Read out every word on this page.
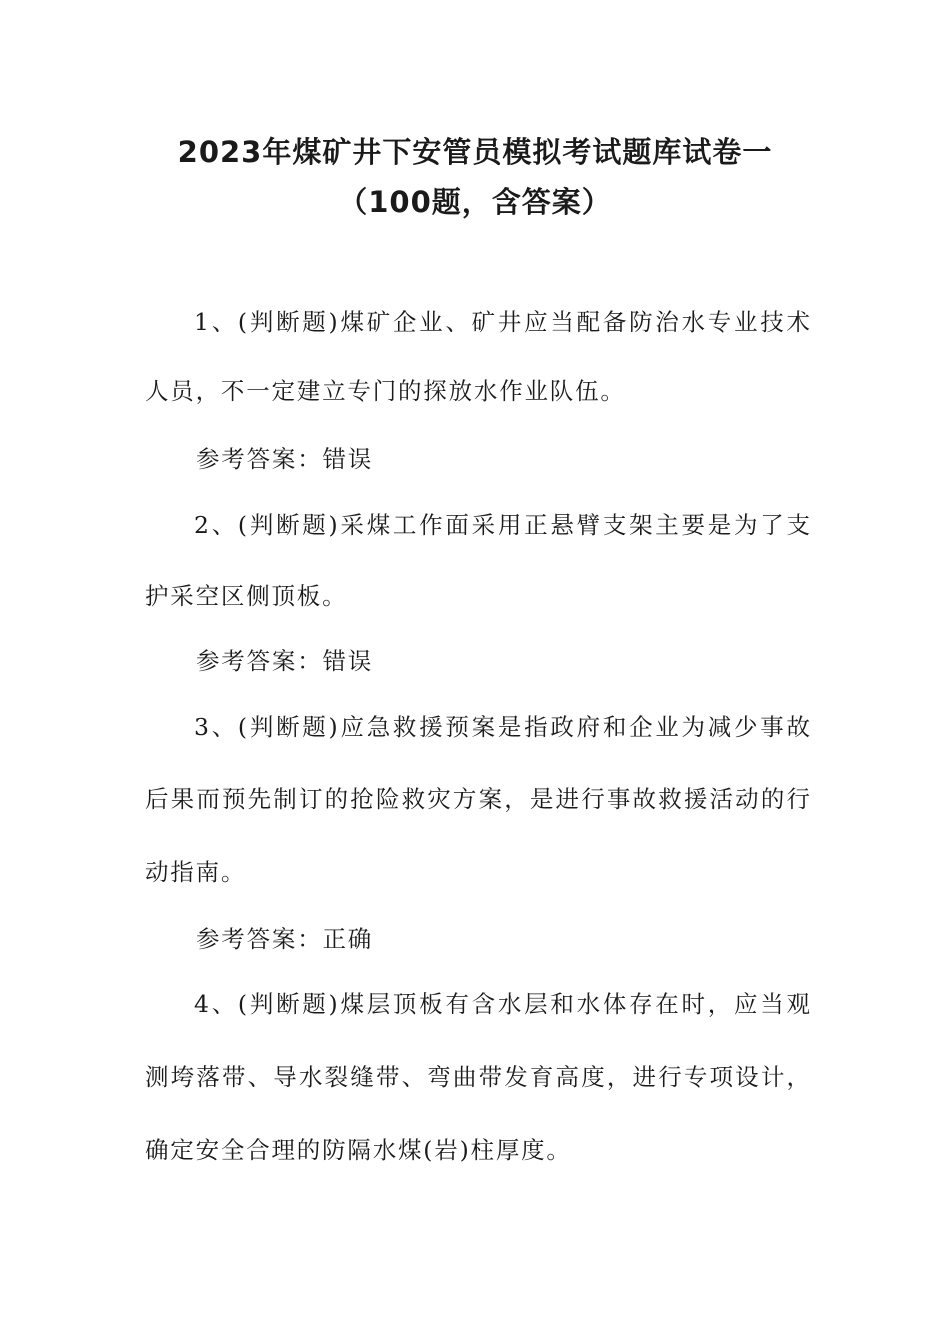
2023年煤矿井下安管员模拟考试题库试卷一
（100题，含答案）
1、(判断题)煤矿企业、矿井应当配备防治水专业技术
人员，不一定建立专门的探放水作业队伍。
参考答案：错误
2、(判断题)采煤工作面采用正悬臂支架主要是为了支
护采空区侧顶板。
参考答案：错误
3、(判断题)应急救援预案是指政府和企业为减少事故
后果而预先制订的抢险救灾方案，是进行事故救援活动的行
动指南。
参考答案：正确
4、(判断题)煤层顶板有含水层和水体存在时，应当观
测垮落带、导水裂缝带、弯曲带发育高度，进行专项设计，
确定安全合理的防隔水煤(岩)柱厚度。
